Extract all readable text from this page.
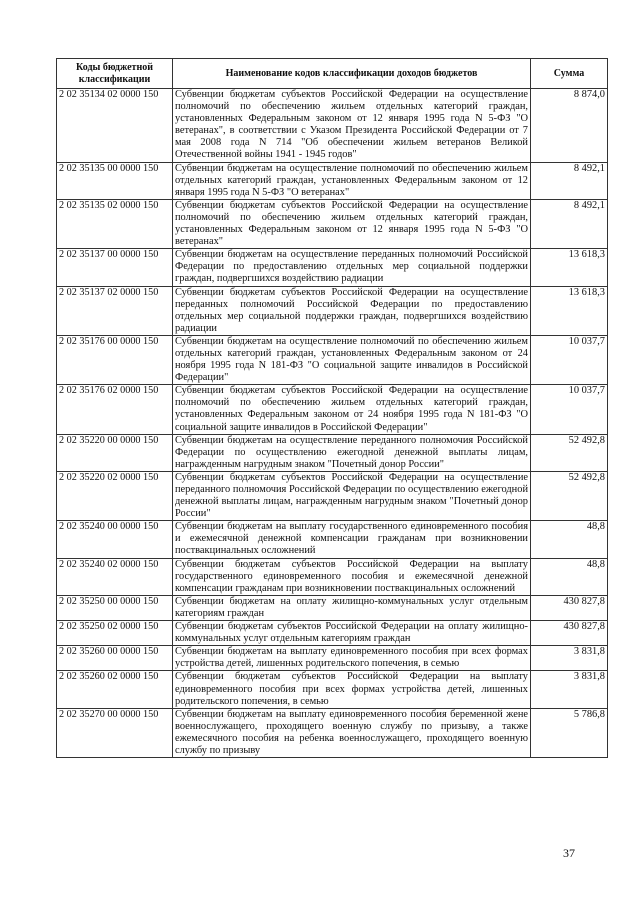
Коды бюджетной классификации	Наименование кодов классификации доходов бюджетов	Сумма
2 02 35134 02 0000 150	Субвенции бюджетам субъектов Российской Федерации на осуществление полномочий по обеспечению жильем отдельных категорий граждан, установленных Федеральным законом от 12 января 1995 года N 5-ФЗ "О ветеранах", в соответствии с Указом Президента Российской Федерации от 7 мая 2008 года N 714 "Об обеспечении жильем ветеранов Великой Отечественной войны 1941 - 1945 годов"	8 874,0
2 02 35135 00 0000 150	Субвенции бюджетам на осуществление полномочий по обеспечению жильем отдельных категорий граждан, установленных Федеральным законом от 12 января 1995 года N 5-ФЗ "О ветеранах"	8 492,1
2 02 35135 02 0000 150	Субвенции бюджетам субъектов Российской Федерации на осуществление полномочий по обеспечению жильем отдельных категорий граждан, установленных Федеральным законом от 12 января 1995 года N 5-ФЗ "О ветеранах"	8 492,1
2 02 35137 00 0000 150	Субвенции бюджетам на осуществление переданных полномочий Российской Федерации по предоставлению отдельных мер социальной поддержки граждан, подвергшихся воздействию радиации	13 618,3
2 02 35137 02 0000 150	Субвенции бюджетам субъектов Российской Федерации на осуществление переданных полномочий Российской Федерации по предоставлению отдельных мер социальной поддержки граждан, подвергшихся воздействию радиации	13 618,3
2 02 35176 00 0000 150	Субвенции бюджетам на осуществление полномочий по обеспечению жильем отдельных категорий граждан, установленных Федеральным законом от 24 ноября 1995 года N 181-ФЗ "О социальной защите инвалидов в Российской Федерации"	10 037,7
2 02 35176 02 0000 150	Субвенции бюджетам субъектов Российской Федерации на осуществление полномочий по обеспечению жильем отдельных категорий граждан, установленных Федеральным законом от 24 ноября 1995 года N 181-ФЗ "О социальной защите инвалидов в Российской Федерации"	10 037,7
2 02 35220 00 0000 150	Субвенции бюджетам на осуществление переданного полномочия Российской Федерации по осуществлению ежегодной денежной выплаты лицам, награжденным нагрудным знаком "Почетный донор России"	52 492,8
2 02 35220 02 0000 150	Субвенции бюджетам субъектов Российской Федерации на осуществление переданного полномочия Российской Федерации по осуществлению ежегодной денежной выплаты лицам, награжденным нагрудным знаком "Почетный донор России"	52 492,8
2 02 35240 00 0000 150	Субвенции бюджетам на выплату государственного единовременного пособия и ежемесячной денежной компенсации гражданам при возникновении поствакцинальных осложнений	48,8
2 02 35240 02 0000 150	Субвенции бюджетам субъектов Российской Федерации на выплату государственного единовременного пособия и ежемесячной денежной компенсации гражданам при возникновении поствакцинальных осложнений	48,8
2 02 35250 00 0000 150	Субвенции бюджетам на оплату жилищно-коммунальных услуг отдельным категориям граждан	430 827,8
2 02 35250 02 0000 150	Субвенции бюджетам субъектов Российской Федерации на оплату жилищно-коммунальных услуг отдельным категориям граждан	430 827,8
2 02 35260 00 0000 150	Субвенции бюджетам на выплату единовременного пособия при всех формах устройства детей, лишенных родительского попечения, в семью	3 831,8
2 02 35260 02 0000 150	Субвенции бюджетам субъектов Российской Федерации на выплату единовременного пособия при всех формах устройства детей, лишенных родительского попечения, в семью	3 831,8
2 02 35270 00 0000 150	Субвенции бюджетам на выплату единовременного пособия беременной жене военнослужащего, проходящего военную службу по призыву, а также ежемесячного пособия на ребенка военнослужащего, проходящего военную службу по призыву	5 786,8
37
